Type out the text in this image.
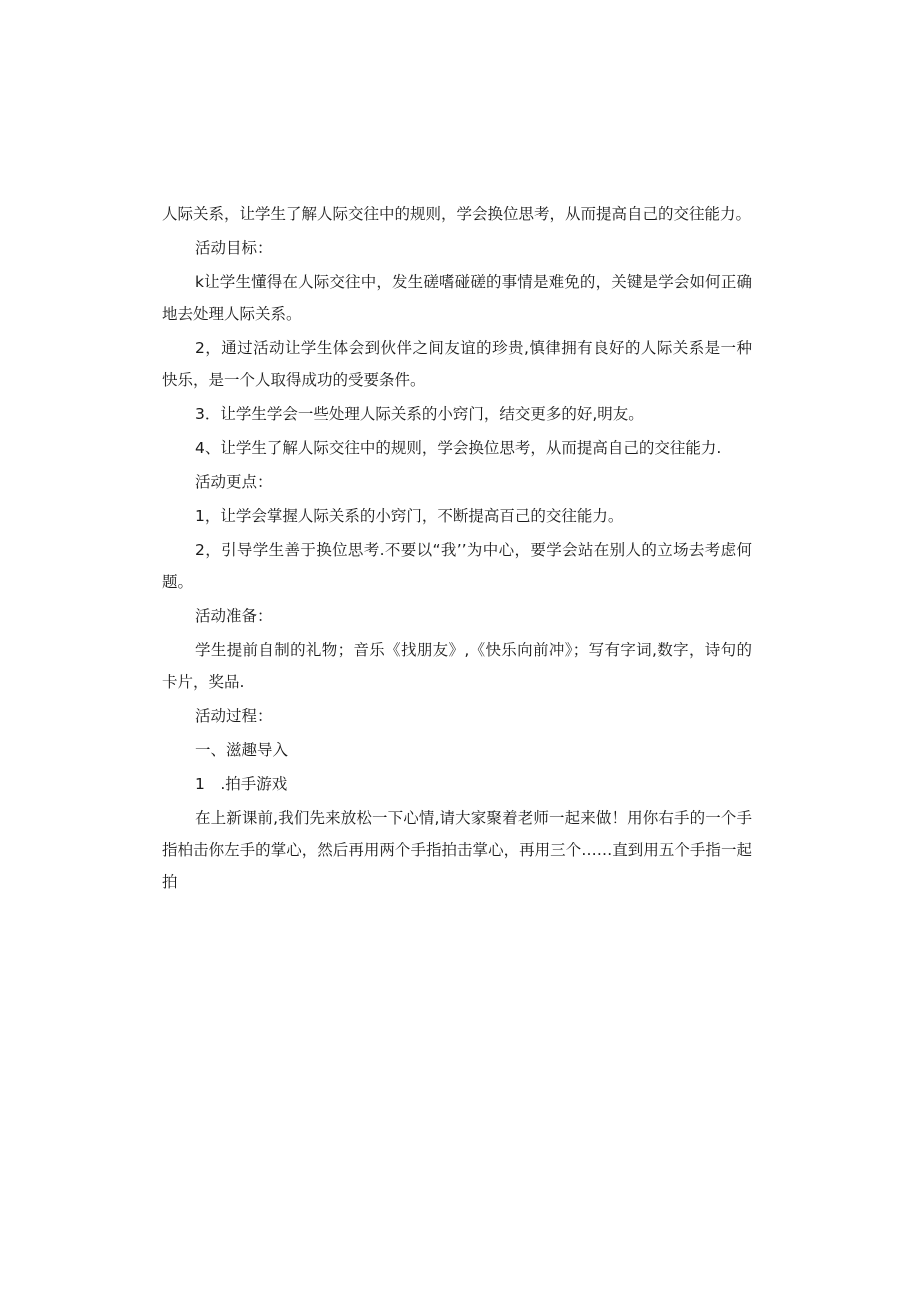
人际关系，让学生了解人际交往中的规则，学会换位思考，从而提高自己的交往能力。

活动目标：

k让学生懂得在人际交往中，发生磋嗜碰磋的事情是难免的，关键是学会如何正确地去处理人际关系。

2，通过活动让学生体会到伙伴之间友谊的珍贵,慎律拥有良好的人际关系是一种快乐，是一个人取得成功的受要条件。

3．让学生学会一些处理人际关系的小窍门，结交更多的好,明友。

4、让学生了解人际交往中的规则，学会换位思考，从而提高自己的交往能力.

活动更点：

1，让学会掌握人际关系的小窍门，不断提高百己的交往能力。

2，引导学生善于换位思考.不要以“我’’为中心，要学会站在别人的立场去考虑何题。

活动准备：

学生提前自制的礼物；音乐《找朋友》,《快乐向前冲》；写有字词,数字，诗句的卡片，奖品.

活动过程：

一、滋趣导入

1　.拍手游戏

在上新课前,我们先来放松一下心情,请大家聚着老师一起来做！用你右手的一个手指柏击你左手的掌心，然后再用两个手指拍击掌心，再用三个……直到用五个手指一起拍
